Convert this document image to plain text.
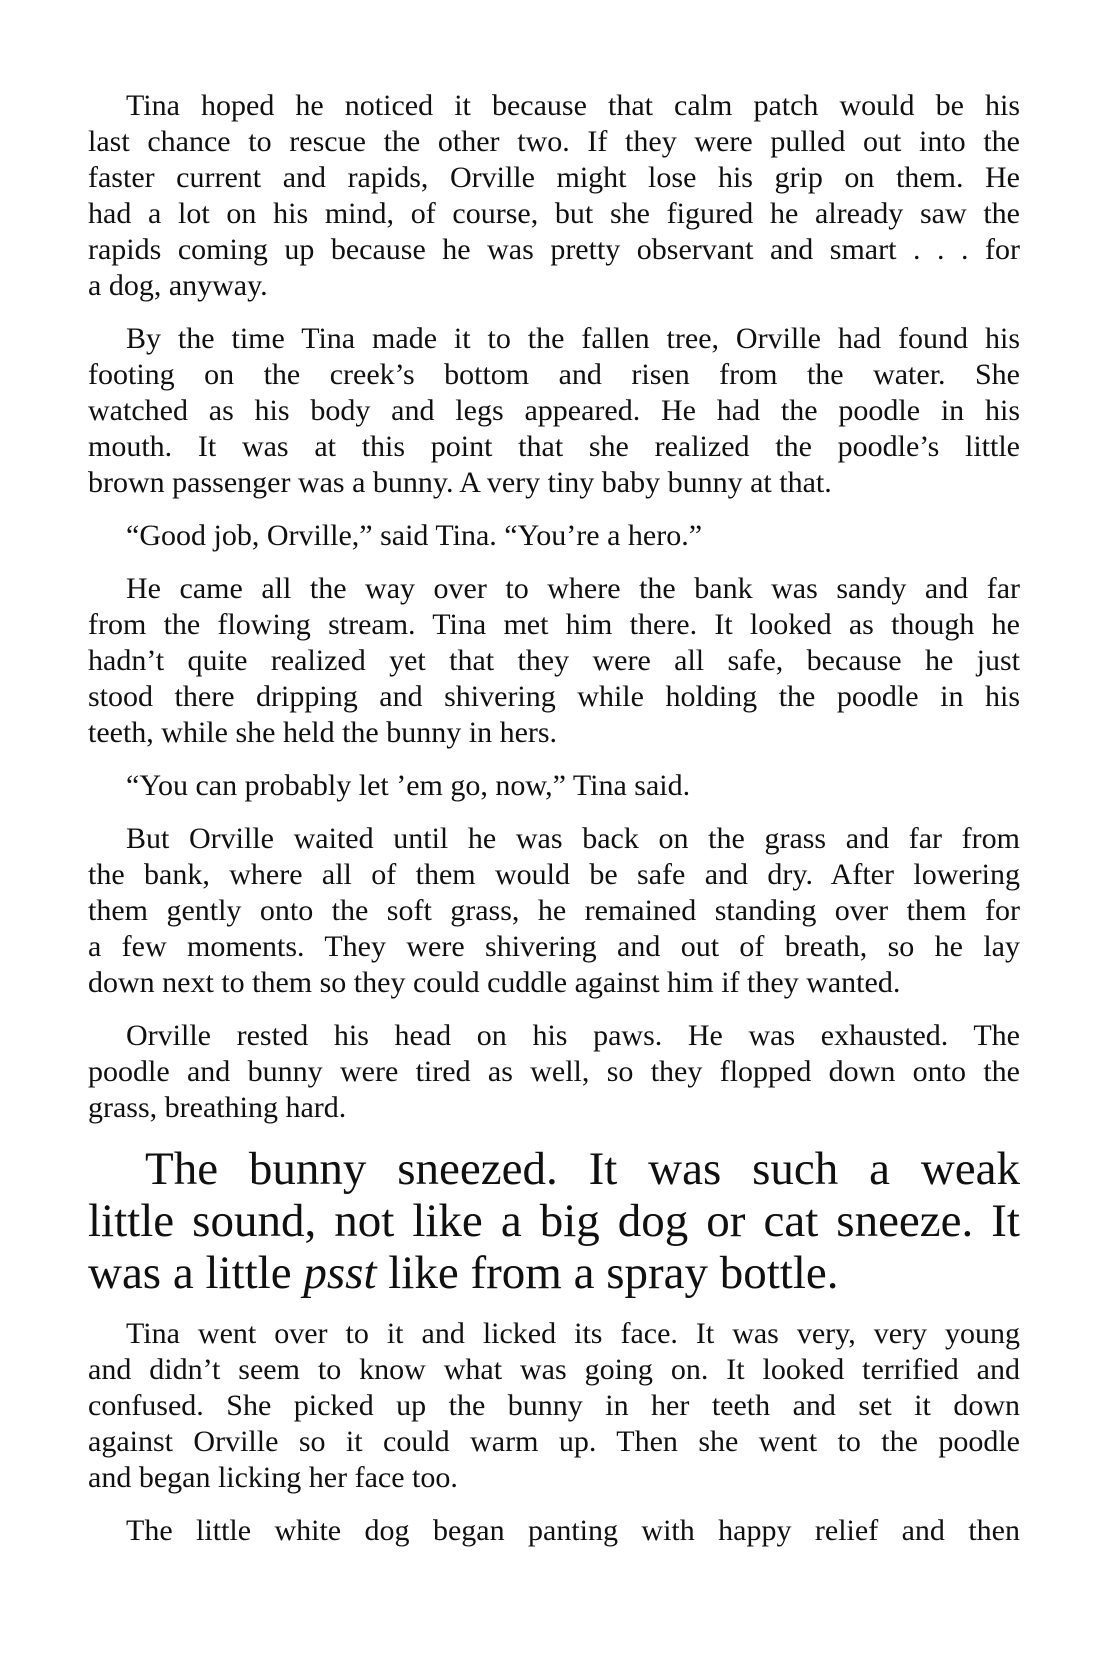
Tina hoped he noticed it because that calm patch would be his
last chance to rescue the other two. If they were pulled out into the
faster current and rapids, Orville might lose his grip on them. He
had a lot on his mind, of course, but she figured he already saw the
rapids coming up because he was pretty observant and smart . . . for
a dog, anyway.
By the time Tina made it to the fallen tree, Orville had found his
footing on the creek’s bottom and risen from the water. She
watched as his body and legs appeared. He had the poodle in his
mouth. It was at this point that she realized the poodle’s little
brown passenger was a bunny. A very tiny baby bunny at that.
“Good job, Orville,” said Tina. “You’re a hero.”
He came all the way over to where the bank was sandy and far
from the flowing stream. Tina met him there. It looked as though he
hadn’t quite realized yet that they were all safe, because he just
stood there dripping and shivering while holding the poodle in his
teeth, while she held the bunny in hers.
“You can probably let ’em go, now,” Tina said.
But Orville waited until he was back on the grass and far from
the bank, where all of them would be safe and dry. After lowering
them gently onto the soft grass, he remained standing over them for
a few moments. They were shivering and out of breath, so he lay
down next to them so they could cuddle against him if they wanted.
Orville rested his head on his paws. He was exhausted. The
poodle and bunny were tired as well, so they flopped down onto the
grass, breathing hard.
The bunny sneezed. It was such a weak
little sound, not like a big dog or cat sneeze. It
was a little psst like from a spray bottle.
Tina went over to it and licked its face. It was very, very young
and didn’t seem to know what was going on. It looked terrified and
confused. She picked up the bunny in her teeth and set it down
against Orville so it could warm up. Then she went to the poodle
and began licking her face too.
The little white dog began panting with happy relief and then
